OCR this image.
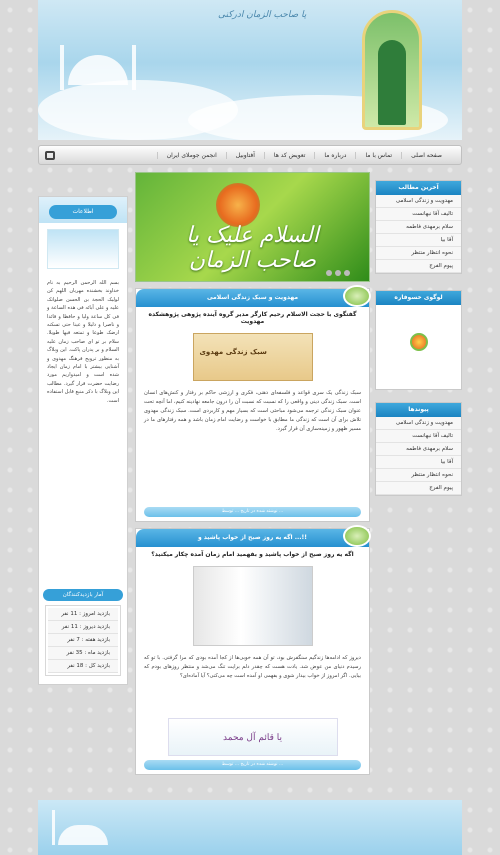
یا صاحب الزمان ادرکنی
صفحه اصلی
تماس با ما
درباره ما
تعویض کد ها
آفتاوبیل
انجمن جوملای ایران
اطلاعات
بسم الله الرحمن الرحیم به نام خداوند بخشنده مهربان اللهم کن لولیک الحجة بن الحسن صلواتک علیه و علی آبائه فی هذه الساعة و فی کل ساعة ولیا و حافظا و قائدا و ناصرا و دلیلا و عینا حتی تسکنه ارضک طوعا و تمتعه فیها طویلا. سلام بر تو ای صاحب زمان علیه السلام و بر پدران پاکت. این وبلاگ به منظور ترویج فرهنگ مهدوی و آشنایی بیشتر با امام زمان ایجاد شده است و امیدواریم مورد رضایت حضرت قرار گیرد. مطالب این وبلاگ با ذکر منبع قابل استفاده است.
آمار بازدیدکنندگان
بازدید امروز : 11 نفر
بازدید دیروز : 11 نفر
بازدید هفته : 7 نفر
بازدید ماه : 35 نفر
بازدید کل : 18 نفر
آخرین مطالب
مهدویت و زندگی اسلامی
تالیف آقا نبهانست
سلام برمهدی فاطمه
آقا بیا
نحوه انتظار منتظر
پیوم الفرج
لوگوی خسوفاره
پیوندها
مهدویت و زندگی اسلامی
تالیف آقا نبهانست
سلام برمهدی فاطمه
آقا بیا
نحوه انتظار منتظر
پیوم الفرج
السلام علیک یا صاحب الزمان
مهدویت و سبک زندگی اسلامی
گفتگوی با حجت الاسلام رحیم کارگر مدیر گروه آینده پژوهی پژوهشکده مهدویت
سبک زندگی مهدوی
سبک زندگی یک سری قواعد و فلسفه‌ای ذهنی، فکری و ارزشی حاکم بر رفتار و کنش‌های انسان است. سبک زندگی دینی و واقعی را که نسبت که نسبت آن را درون جامعه نهادینه کنیم، اما آنچه تحت عنوان سبک زندگی ترجمه می‌شود مباحثی است که بسیار مهم و کاربردی است. سبک زندگی مهدوی تلاش برای آن است که زندگی ما مطابق با خواست و رضایت امام زمان باشد و همه رفتارهای ما در مسیر ظهور و زمینه‌سازی آن قرار گیرد.
نوشته شده در تاریخ ... توسط ...
اگه یه روز صبح از خواب پاشید و ...!!
اگه یه روز صبح از خواب پاشید و بفهمید امام زمان آمده چکار میکنید؟
دیروز که ادامه‌ها زندگیم سنگفرش بود، تو آن همه خوبی‌ها از کجا آمده بودی که مرا گرفتی. با تو که رسیدم دنیای من عوض شد. یادت هست که چقدر دلم برایت تنگ می‌شد و منتظر روزهای بودم که بیایی. اگر امروز از خواب بیدار شوی و بفهمی او آمده است چه می‌کنی؟ آیا آماده‌ای؟
یا قائم آل محمد
نوشته شده در تاریخ ... توسط ...
